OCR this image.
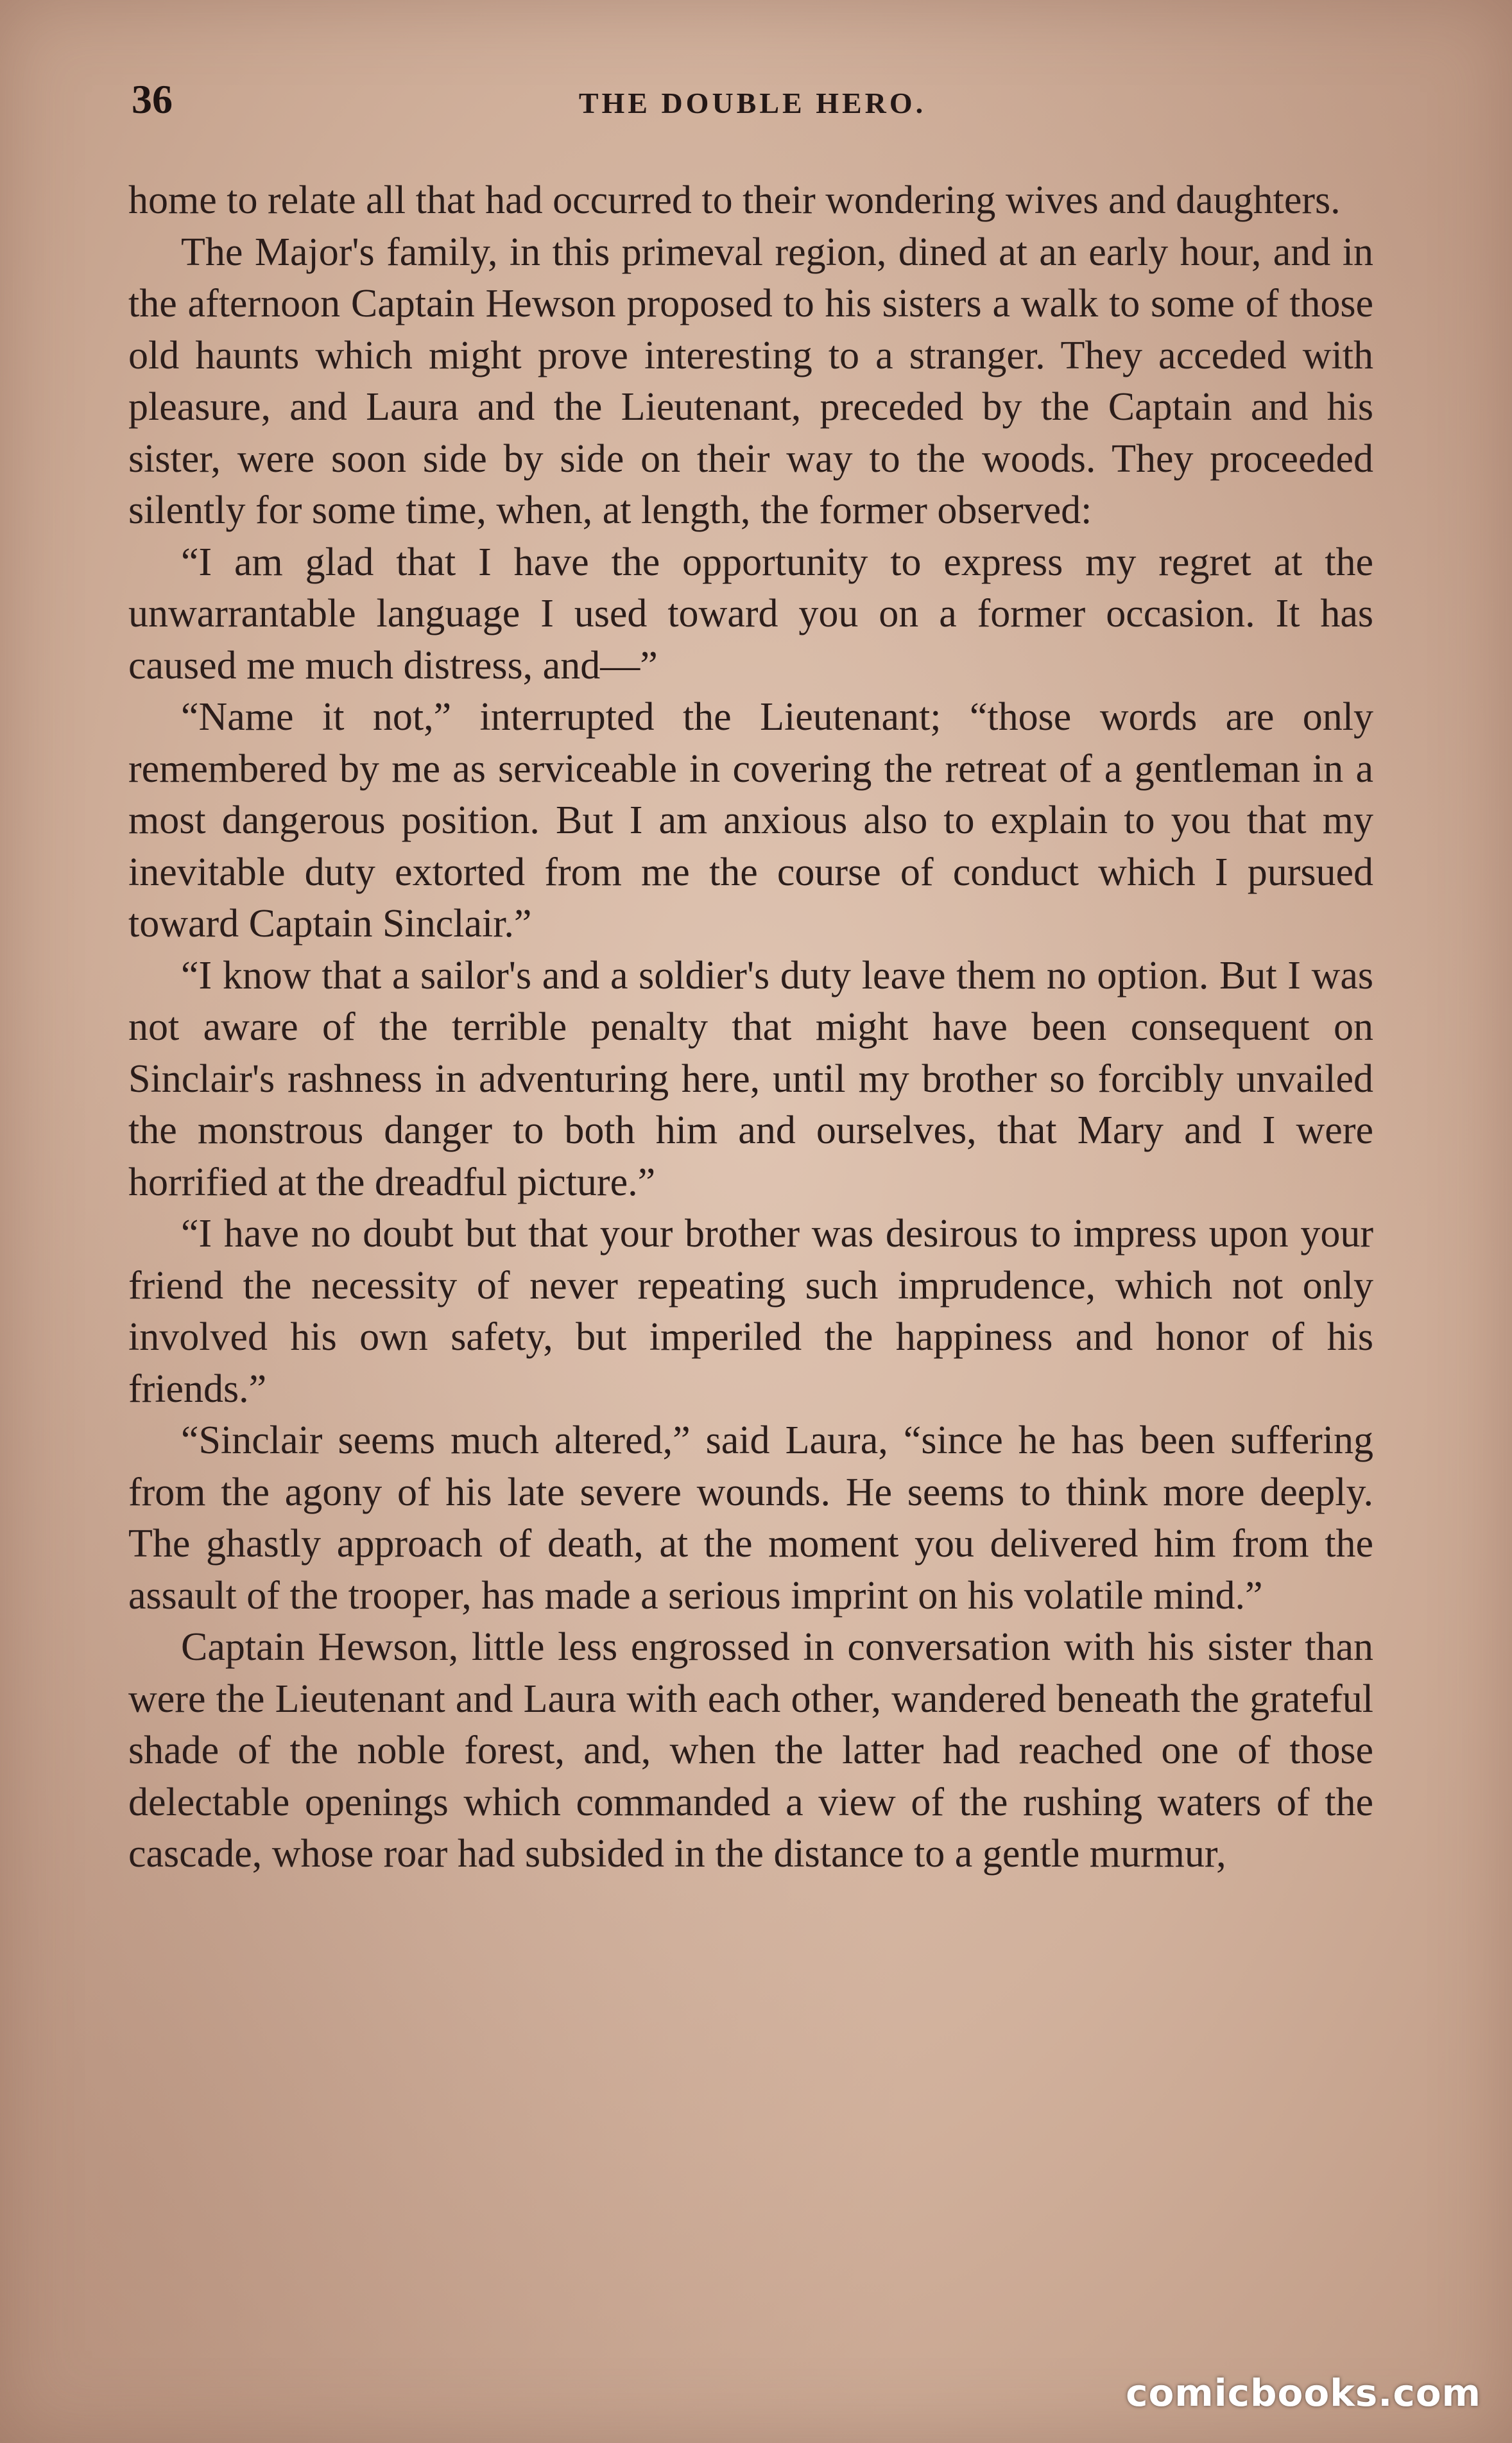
36	THE DOUBLE HERO.

home to relate all that had occurred to their wondering wives and daughters.

The Major's family, in this primeval region, dined at an early hour, and in the afternoon Captain Hewson proposed to his sisters a walk to some of those old haunts which might prove interesting to a stranger. They acceded with pleasure, and Laura and the Lieutenant, preceded by the Captain and his sister, were soon side by side on their way to the woods. They proceeded silently for some time, when, at length, the former observed:

“I am glad that I have the opportunity to express my regret at the unwarrantable language I used toward you on a former occasion. It has caused me much distress, and—”

“Name it not,” interrupted the Lieutenant; “those words are only remembered by me as serviceable in covering the retreat of a gentleman in a most dangerous position. But I am anxious also to explain to you that my inevitable duty extorted from me the course of conduct which I pursued toward Captain Sinclair.”

“I know that a sailor's and a soldier's duty leave them no option. But I was not aware of the terrible penalty that might have been consequent on Sinclair's rashness in adventuring here, until my brother so forcibly unvailed the monstrous danger to both him and ourselves, that Mary and I were horrified at the dreadful picture.”

“I have no doubt but that your brother was desirous to impress upon your friend the necessity of never repeating such imprudence, which not only involved his own safety, but imperiled the happiness and honor of his friends.”

“Sinclair seems much altered,” said Laura, “since he has been suffering from the agony of his late severe wounds. He seems to think more deeply. The ghastly approach of death, at the moment you delivered him from the assault of the trooper, has made a serious imprint on his volatile mind.”

Captain Hewson, little less engrossed in conversation with his sister than were the Lieutenant and Laura with each other, wandered beneath the grateful shade of the noble forest, and, when the latter had reached one of those delectable openings which commanded a view of the rushing waters of the cascade, whose roar had subsided in the distance to a gentle murmur,

comicbooks.com
